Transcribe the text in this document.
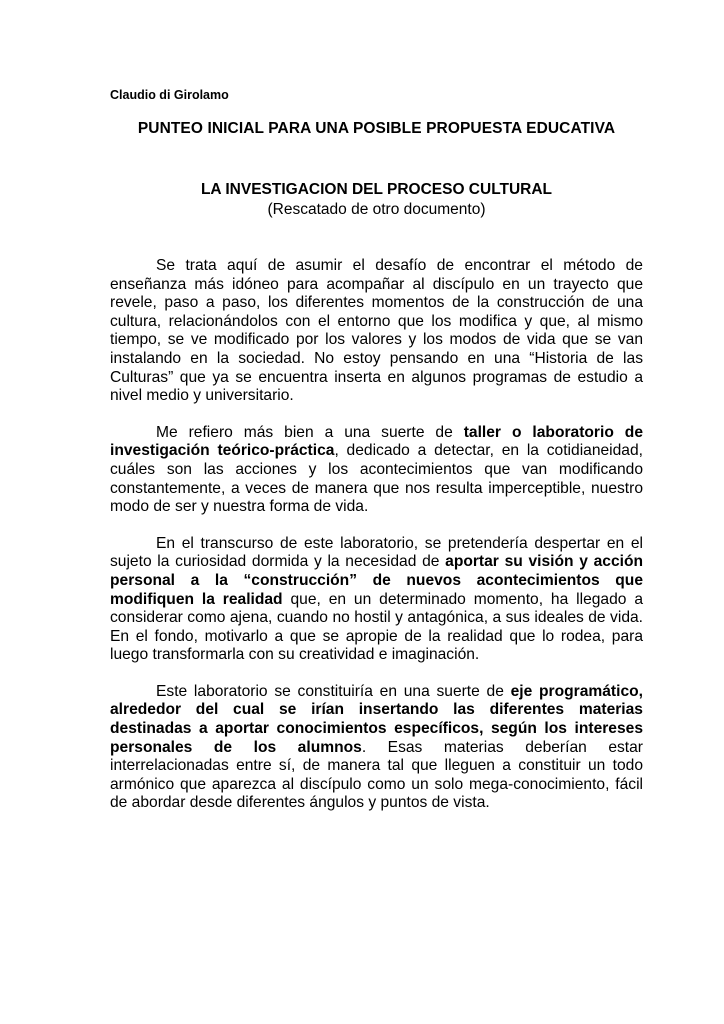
Claudio di Girolamo

PUNTEO INICIAL PARA UNA POSIBLE PROPUESTA EDUCATIVA
LA INVESTIGACION DEL PROCESO CULTURAL

(Rescatado de otro documento)

Se trata aquí de asumir el desafío de encontrar el método de enseñanza más idóneo para acompañar al discípulo en un trayecto que revele, paso a paso, los diferentes momentos de la construcción de una cultura, relacionándolos con el entorno que los modifica y que, al mismo tiempo, se ve modificado por los valores y los modos de vida que se van instalando en la sociedad. No estoy pensando en una “Historia de las Culturas” que ya se encuentra inserta en algunos programas de estudio a nivel medio y universitario.

Me refiero más bien a una suerte de taller o laboratorio de investigación teórico-práctica, dedicado a detectar, en la cotidianeidad, cuáles son las acciones y los acontecimientos que van modificando constantemente, a veces de manera que nos resulta imperceptible, nuestro modo de ser y nuestra forma de vida.

En el transcurso de este laboratorio, se pretendería despertar en el sujeto la curiosidad dormida y la necesidad de aportar su visión y acción personal a la “construcción” de nuevos acontecimientos que modifiquen la realidad que, en un determinado momento, ha llegado a considerar como ajena, cuando no hostil y antagónica, a sus ideales de vida. En el fondo, motivarlo a que se apropie de la realidad que lo rodea, para luego transformarla con su creatividad e imaginación.

Este laboratorio se constituiría en una suerte de eje programático, alrededor del cual se irían insertando las diferentes materias destinadas a aportar conocimientos específicos, según los intereses personales de los alumnos. Esas materias deberían estar interrelacionadas entre sí, de manera tal que lleguen a constituir un todo armónico que aparezca al discípulo como un solo mega-conocimiento, fácil de abordar desde diferentes ángulos y puntos de vista.
